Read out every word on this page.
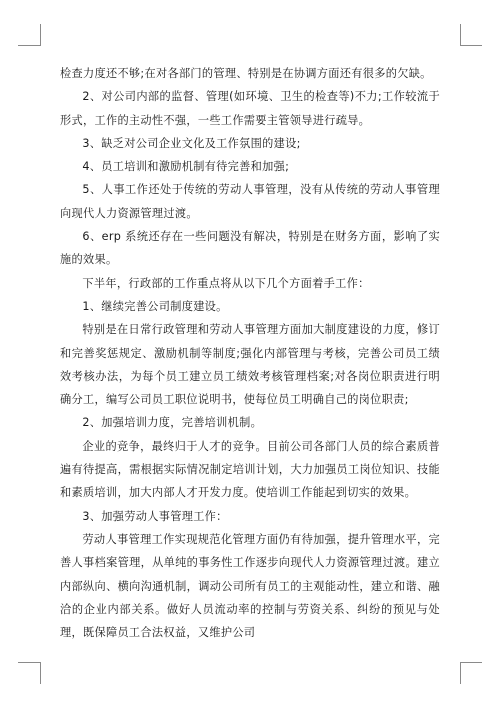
检查力度还不够;在对各部门的管理、特别是在协调方面还有很多的欠缺。

2、对公司内部的监督、管理(如环境、卫生的检查等)不力;工作较流于形式，工作的主动性不强，一些工作需要主管领导进行疏导。

3、缺乏对公司企业文化及工作氛围的建设;

4、员工培训和激励机制有待完善和加强;

5、人事工作还处于传统的劳动人事管理，没有从传统的劳动人事管理向现代人力资源管理过渡。

6、erp 系统还存在一些问题没有解决，特别是在财务方面，影响了实施的效果。

下半年，行政部的工作重点将从以下几个方面着手工作：

1、继续完善公司制度建设。

特别是在日常行政管理和劳动人事管理方面加大制度建设的力度，修订和完善奖惩规定、激励机制等制度;强化内部管理与考核，完善公司员工绩效考核办法，为每个员工建立员工绩效考核管理档案;对各岗位职责进行明确分工，编写公司员工职位说明书，使每位员工明确自己的岗位职责;

2、加强培训力度，完善培训机制。

企业的竞争，最终归于人才的竞争。目前公司各部门人员的综合素质普遍有待提高，需根据实际情况制定培训计划，大力加强员工岗位知识、技能和素质培训，加大内部人才开发力度。使培训工作能起到切实的效果。

3、加强劳动人事管理工作：

劳动人事管理工作实现规范化管理方面仍有待加强，提升管理水平，完善人事档案管理，从单纯的事务性工作逐步向现代人力资源管理过渡。建立内部纵向、横向沟通机制，调动公司所有员工的主观能动性，建立和谐、融洽的企业内部关系。做好人员流动率的控制与劳资关系、纠纷的预见与处理，既保障员工合法权益，又维护公司
